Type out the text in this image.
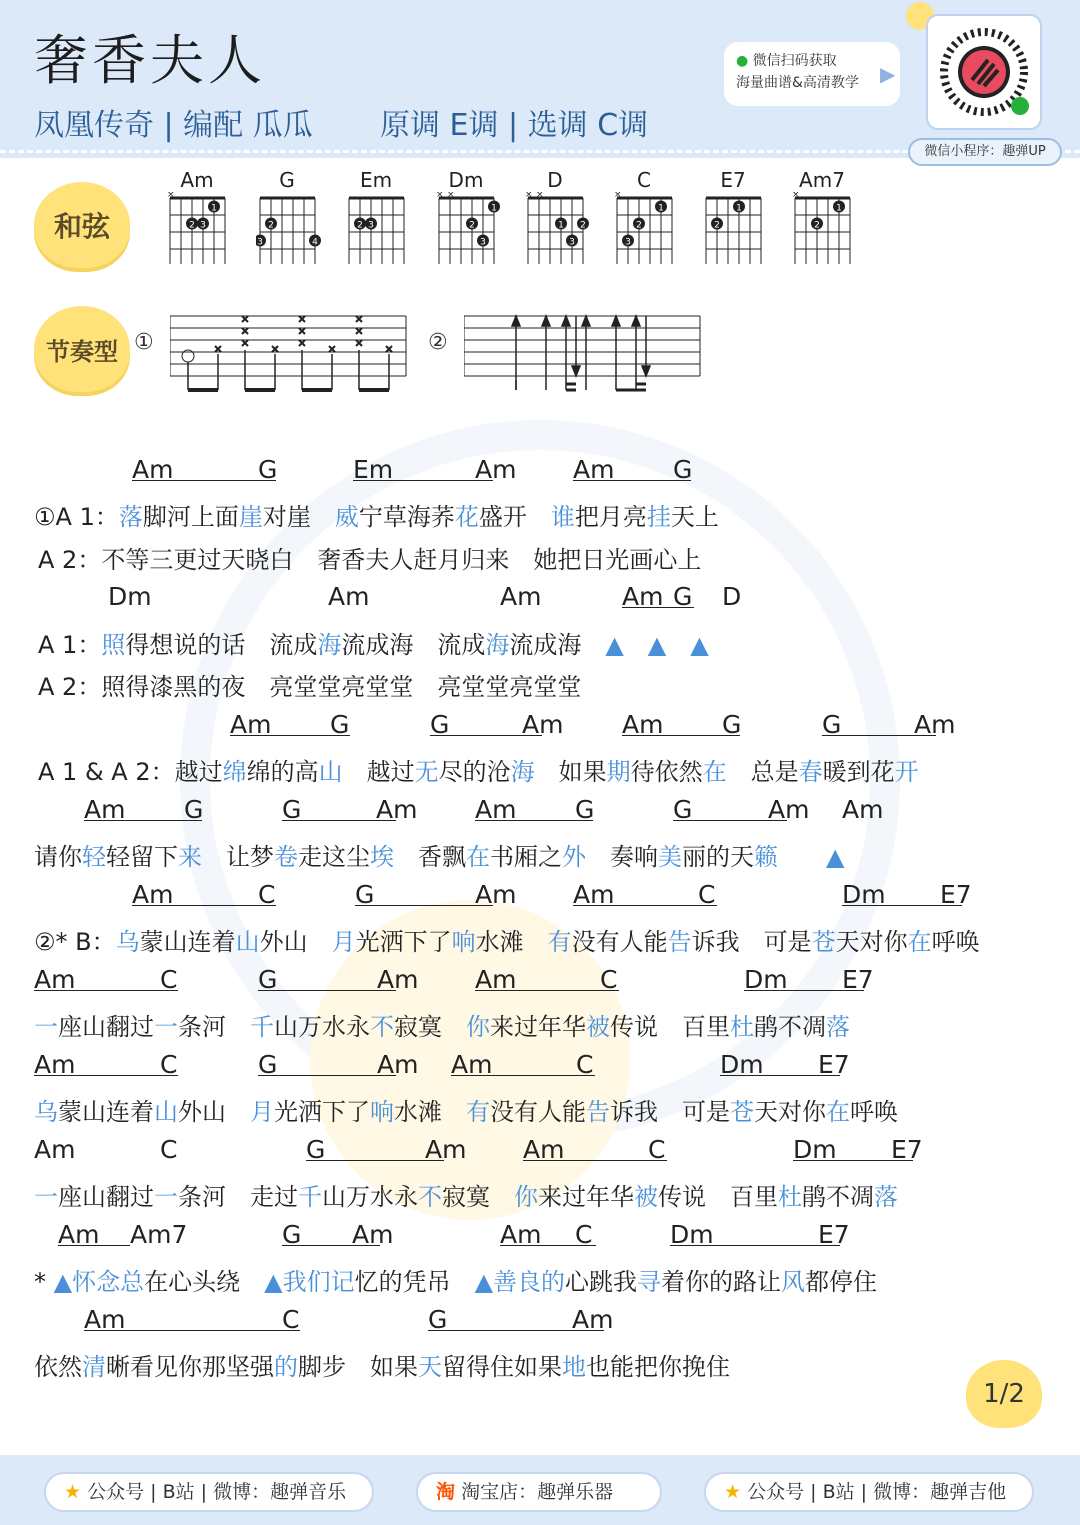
奢香夫人
凤凰传奇 | 编配 瓜瓜 原调 E调 | 选调 C调
● 微信扫码获取
海量曲谱&高清教学	▶
微信小程序：趣弹UP
和弦
Am
×
1
2 3
G
2
3	4
Em
2 3
Dm
× ×
1
2
3
D
× ×
1 2
3
C
×
1
2
3
E7
1
2
Am7
×
1
2
节奏型 ①	②
Am	G	Em	Am Am	G
①A 1：落脚河上面崖对崖 威宁草海荞花盛开 谁把月亮挂天上
A 2：不等三更过天晓白　奢香夫人赶月归来　她把日光画心上
Dm	Am	Am	Am G D
A 1：照得想说的话 流成海流成海 流成海流成海 ▲　▲　▲
A 2：照得漆黑的夜　亮堂堂亮堂堂　亮堂堂亮堂堂
Am	G	G	Am Am	G	G	Am
A 1 & A 2：越过绵绵的高山 越过无尽的沧海 如果期待依然在 总是春暖到花开
Am	G	G	Am Am	G	G	Am Am
请你轻轻留下来 让梦卷走这尘埃 香飘在书厢之外 奏响美丽的天籁 ▲
Am	C	G	Am Am	C	Dm	E7
②* B：乌蒙山连着山外山 月光洒下了响水滩 有没有人能告诉我 可是苍天对你在呼唤
Am	C	G	Am Am	C	Dm	E7
一座山翻过一条河 千山万水永不寂寞 你来过年华被传说 百里杜鹃不凋落
Am	C	G	Am Am	C	Dm	E7
乌蒙山连着山外山 月光洒下了响水滩 有没有人能告诉我 可是苍天对你在呼唤
Am	C	G	Am Am	C	Dm	E7
一座山翻过一条河 走过千山万水永不寂寞 你来过年华被传说 百里杜鹃不凋落
Am	Am7	G	Am	Am	C	Dm	E7
* ▲怀念总在心头绕 ▲我们记忆的凭吊 ▲善良的心跳我寻着你的路让风都停住
Am	C	G	Am
依然清晰看见你那坚强的脚步 如果天留得住如果地也能把你挽住
1/2
★ 公众号 | B站 | 微博：趣弹音乐	淘 淘宝店：趣弹乐器	★ 公众号 | B站 | 微博：趣弹吉他
